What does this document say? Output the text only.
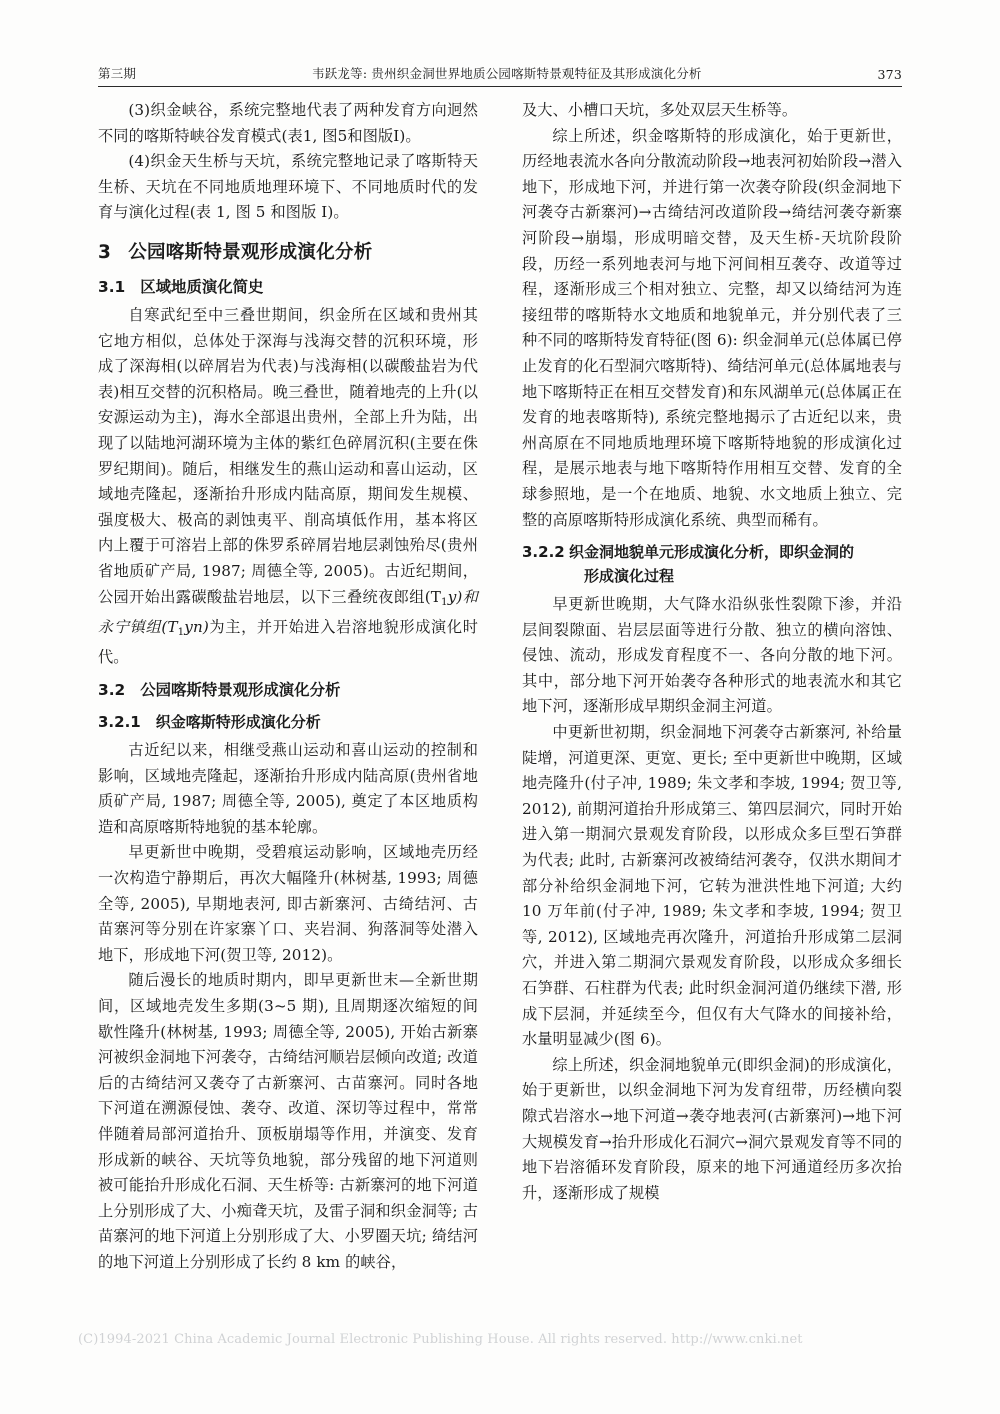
第三期	韦跃龙等: 贵州织金洞世界地质公园喀斯特景观特征及其形成演化分析	373

(3)织金峡谷，系统完整地代表了两种发育方向迥然不同的喀斯特峡谷发育模式(表1, 图5和图版I)。

(4)织金天生桥与天坑，系统完整地记录了喀斯特天生桥、天坑在不同地质地理环境下、不同地质时代的发育与演化过程(表 1, 图 5 和图版 I)。

3 公园喀斯特景观形成演化分析
3.1 区域地质演化简史

自寒武纪至中三叠世期间，织金所在区域和贵州其它地方相似，总体处于深海与浅海交替的沉积环境，形成了深海相(以碎屑岩为代表)与浅海相(以碳酸盐岩为代表)相互交替的沉积格局。晚三叠世，随着地壳的上升(以安源运动为主)，海水全部退出贵州，全部上升为陆，出现了以陆地河湖环境为主体的紫红色碎屑沉积(主要在侏罗纪期间)。随后，相继发生的燕山运动和喜山运动，区域地壳隆起，逐渐抬升形成内陆高原，期间发生规模、强度极大、极高的剥蚀夷平、削高填低作用，基本将区内上覆于可溶岩上部的侏罗系碎屑岩地层剥蚀殆尽(贵州省地质矿产局, 1987; 周德全等, 2005)。古近纪期间，公园开始出露碳酸盐岩地层，以下三叠统夜郎组$(T_1y)$和永宁镇组$(T_1yn)$为主，并开始进入岩溶地貌形成演化时代。

3.2 公园喀斯特景观形成演化分析
3.2.1 织金喀斯特形成演化分析

古近纪以来，相继受燕山运动和喜山运动的控制和影响，区域地壳隆起，逐渐抬升形成内陆高原(贵州省地质矿产局, 1987; 周德全等, 2005), 奠定了本区地质构造和高原喀斯特地貌的基本轮廓。

早更新世中晚期，受碧痕运动影响，区域地壳历经一次构造宁静期后，再次大幅隆升(林树基, 1993; 周德全等, 2005), 早期地表河, 即古新寨河、古绮结河、古苗寨河等分别在许家寨丫口、夹岩洞、狗落洞等处潜入地下，形成地下河(贺卫等, 2012)。

随后漫长的地质时期内，即早更新世末—全新世期间，区域地壳发生多期(3~5 期), 且周期逐次缩短的间歇性隆升(林树基, 1993; 周德全等, 2005), 开始古新寨河被织金洞地下河袭夺，古绮结河顺岩层倾向改道; 改道后的古绮结河又袭夺了古新寨河、古苗寨河。同时各地下河道在溯源侵蚀、袭夺、改道、深切等过程中，常常伴随着局部河道抬升、顶板崩塌等作用，并演变、发育形成新的峡谷、天坑等负地貌，部分残留的地下河道则被可能抬升形成化石洞、天生桥等: 古新寨河的地下河道上分别形成了大、小痴聋天坑，及雷子洞和织金洞等; 古苗寨河的地下河道上分别形成了大、小罗圈天坑; 绮结河的地下河道上分别形成了长约 8 km 的峡谷，

及大、小槽口天坑，多处双层天生桥等。

综上所述，织金喀斯特的形成演化，始于更新世，历经地表流水各向分散流动阶段→地表河初始阶段→潜入地下，形成地下河，并进行第一次袭夺阶段(织金洞地下河袭夺古新寨河)→古绮结河改道阶段→绮结河袭夺新寨河阶段→崩塌，形成明暗交替，及天生桥-天坑阶段阶段，历经一系列地表河与地下河间相互袭夺、改道等过程，逐渐形成三个相对独立、完整，却又以绮结河为连接纽带的喀斯特水文地质和地貌单元，并分别代表了三种不同的喀斯特发育特征(图 6): 织金洞单元(总体属已停止发育的化石型洞穴喀斯特)、绮结河单元(总体属地表与地下喀斯特正在相互交替发育)和东风湖单元(总体属正在发育的地表喀斯特), 系统完整地揭示了古近纪以来，贵州高原在不同地质地理环境下喀斯特地貌的形成演化过程，是展示地表与地下喀斯特作用相互交替、发育的全球参照地，是一个在地质、地貌、水文地质上独立、完整的高原喀斯特形成演化系统、典型而稀有。

3.2.2 织金洞地貌单元形成演化分析，即织金洞的
形成演化过程

早更新世晚期，大气降水沿纵张性裂隙下渗，并沿层间裂隙面、岩层层面等进行分散、独立的横向溶蚀、侵蚀、流动，形成发育程度不一、各向分散的地下河。其中，部分地下河开始袭夺各种形式的地表流水和其它地下河，逐渐形成早期织金洞主河道。

中更新世初期，织金洞地下河袭夺古新寨河, 补给量陡增，河道更深、更宽、更长; 至中更新世中晚期，区域地壳隆升(付子冲, 1989; 朱文孝和李坡, 1994; 贺卫等, 2012), 前期河道抬升形成第三、第四层洞穴，同时开始进入第一期洞穴景观发育阶段，以形成众多巨型石笋群为代表; 此时, 古新寨河改被绮结河袭夺，仅洪水期间才部分补给织金洞地下河，它转为泄洪性地下河道; 大约 10 万年前(付子冲, 1989; 朱文孝和李坡, 1994; 贺卫等, 2012), 区域地壳再次隆升，河道抬升形成第二层洞穴，并进入第二期洞穴景观发育阶段，以形成众多细长石笋群、石柱群为代表; 此时织金洞河道仍继续下潜, 形成下层洞，并延续至今，但仅有大气降水的间接补给，水量明显减少(图 6)。

综上所述，织金洞地貌单元(即织金洞)的形成演化，始于更新世，以织金洞地下河为发育纽带，历经横向裂隙式岩溶水→地下河道→袭夺地表河(古新寨河)→地下河大规模发育→抬升形成化石洞穴→洞穴景观发育等不同的地下岩溶循环发育阶段，原来的地下河通道经历多次抬升，逐渐形成了规模

(C)1994-2021 China Academic Journal Electronic Publishing House. All rights reserved. http://www.cnki.net
